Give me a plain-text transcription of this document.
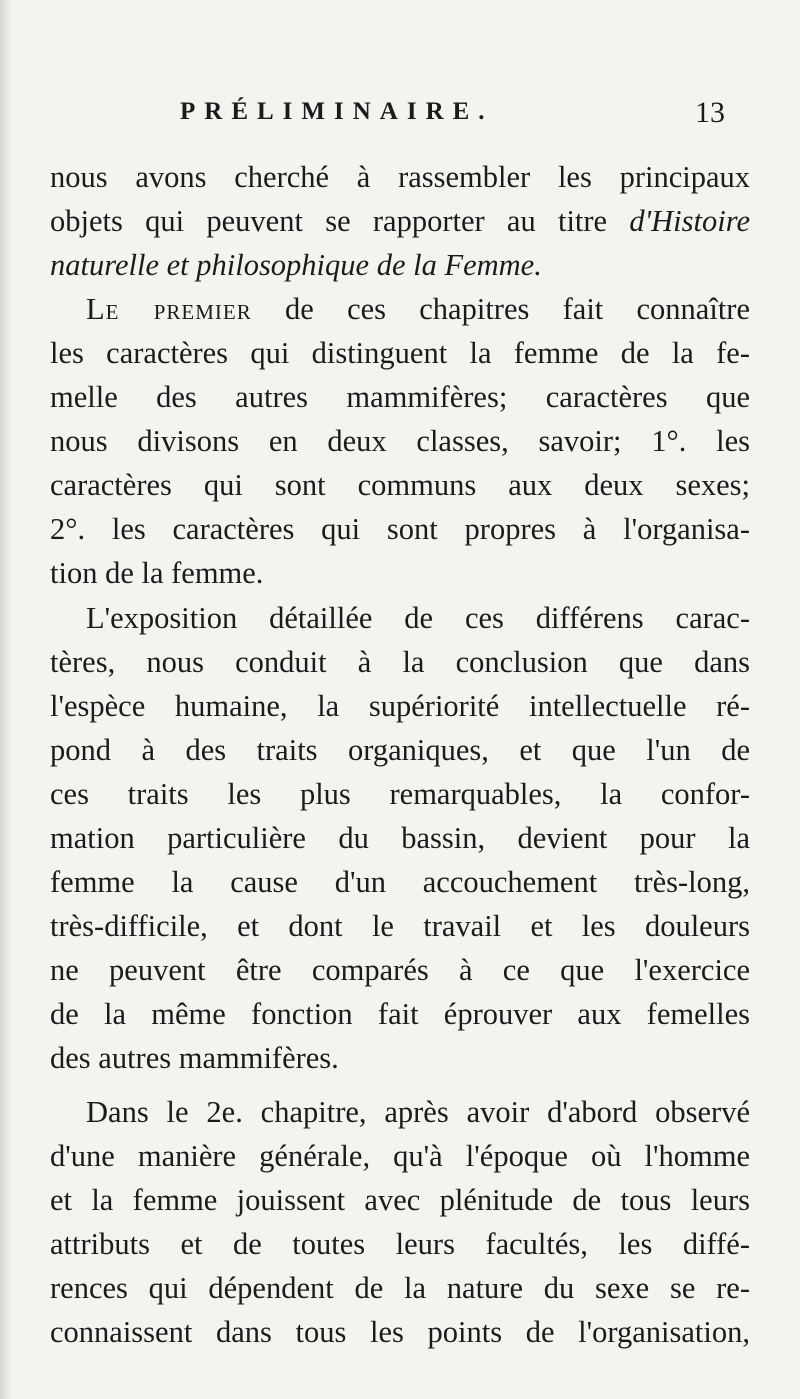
PRÉLIMINAIRE.	13
nous avons cherché à rassembler les principaux
objets qui peuvent se rapporter au titre d'Histoire
naturelle et philosophique de la Femme.
Le premier de ces chapitres fait connaître
les caractères qui distinguent la femme de la fe-
melle des autres mammifères; caractères que
nous divisons en deux classes, savoir; 1°. les
caractères qui sont communs aux deux sexes;
2°. les caractères qui sont propres à l'organisa-
tion de la femme.
L'exposition détaillée de ces différens carac-
tères, nous conduit à la conclusion que dans
l'espèce humaine, la supériorité intellectuelle ré-
pond à des traits organiques, et que l'un de
ces traits les plus remarquables, la confor-
mation particulière du bassin, devient pour la
femme la cause d'un accouchement très-long,
très-difficile, et dont le travail et les douleurs
ne peuvent être comparés à ce que l'exercice
de la même fonction fait éprouver aux femelles
des autres mammifères.
Dans le 2e. chapitre, après avoir d'abord observé
d'une manière générale, qu'à l'époque où l'homme
et la femme jouissent avec plénitude de tous leurs
attributs et de toutes leurs facultés, les diffé-
rences qui dépendent de la nature du sexe se re-
connaissent dans tous les points de l'organisation,
